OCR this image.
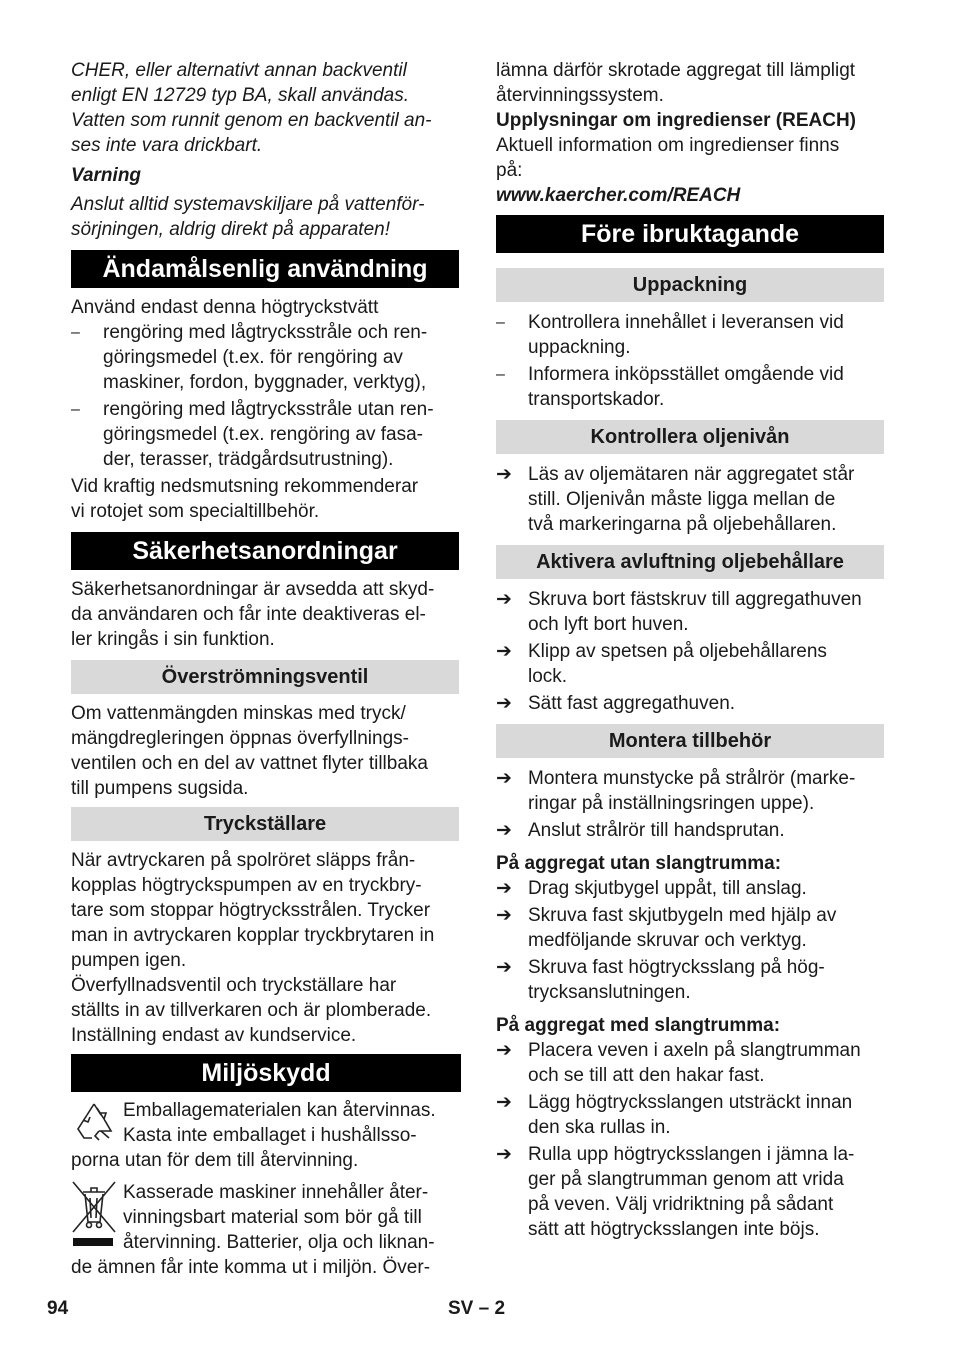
CHER, eller alternativt annan backventil
enligt EN 12729 typ BA, skall användas.
Vatten som runnit genom en backventil an-
ses inte vara drickbart.

Varning

Anslut alltid systemavskiljare på vattenför-
sörjningen, aldrig direkt på apparaten!

Ändamålsenlig användning

Använd endast denna högtryckstvätt

– rengöring med lågtrycksstråle och ren-
göringsmedel (t.ex. för rengöring av
maskiner, fordon, byggnader, verktyg),
– rengöring med lågtrycksstråle utan ren-
göringsmedel (t.ex. rengöring av fasa-
der, terasser, trädgårdsutrustning).

Vid kraftig nedsmutsning rekommenderar
vi rotojet som specialtillbehör.

Säkerhetsanordningar

Säkerhetsanordningar är avsedda att skyd-
da användaren och får inte deaktiveras el-
ler kringås i sin funktion.

Överströmningsventil

Om vattenmängden minskas med tryck/
mängdregleringen öppnas överfyllnings-
ventilen och en del av vattnet flyter tillbaka
till pumpens sugsida.

Tryckställare

När avtryckaren på spolröret släpps från-
kopplas högtryckspumpen av en tryckbry-
tare som stoppar högtrycksstrålen. Trycker
man in avtryckaren kopplar tryckbrytaren in
pumpen igen.
Överfyllnadsventil och tryckställare har
ställts in av tillverkaren och är plomberade.
Inställning endast av kundservice.

Miljöskydd

Emballagematerialen kan återvinnas.
Kasta inte emballaget i hushållsso-
porna utan för dem till återvinning.

Kasserade maskiner innehåller åter-
vinningsbart material som bör gå till
återvinning. Batterier, olja och liknan-
de ämnen får inte komma ut i miljön. Över-

lämna därför skrotade aggregat till lämpligt
återvinningssystem.

Upplysningar om ingredienser (REACH)

Aktuell information om ingredienser finns
på:

www.kaercher.com/REACH

Före ibruktagande
Uppackning
– Kontrollera innehållet i leveransen vid
uppackning.
– Informera inköpsstället omgående vid
transportskador.
Kontrollera oljenivån
➔ Läs av oljemätaren när aggregatet står
still. Oljenivån måste ligga mellan de
två markeringarna på oljebehållaren.
Aktivera avluftning oljebehållare
➔ Skruva bort fästskruv till aggregathuven
och lyft bort huven.
➔ Klipp av spetsen på oljebehållarens
lock.
➔ Sätt fast aggregathuven.
Montera tillbehör
➔ Montera munstycke på strålrör (marke-
ringar på inställningsringen uppe).
➔ Anslut strålrör till handsprutan.

På aggregat utan slangtrumma:

➔ Drag skjutbygel uppåt, till anslag.
➔ Skruva fast skjutbygeln med hjälp av
medföljande skruvar och verktyg.
➔ Skruva fast högtrycksslang på hög-
trycksanslutningen.

På aggregat med slangtrumma:

➔ Placera veven i axeln på slangtrumman
och se till att den hakar fast.
➔ Lägg högtrycksslangen utsträckt innan
den ska rullas in.
➔ Rulla upp högtrycksslangen i jämna la-
ger på slangtrumman genom att vrida
på veven. Välj vridriktning på sådant
sätt att högtrycksslangen inte böjs.
94	SV – 2
